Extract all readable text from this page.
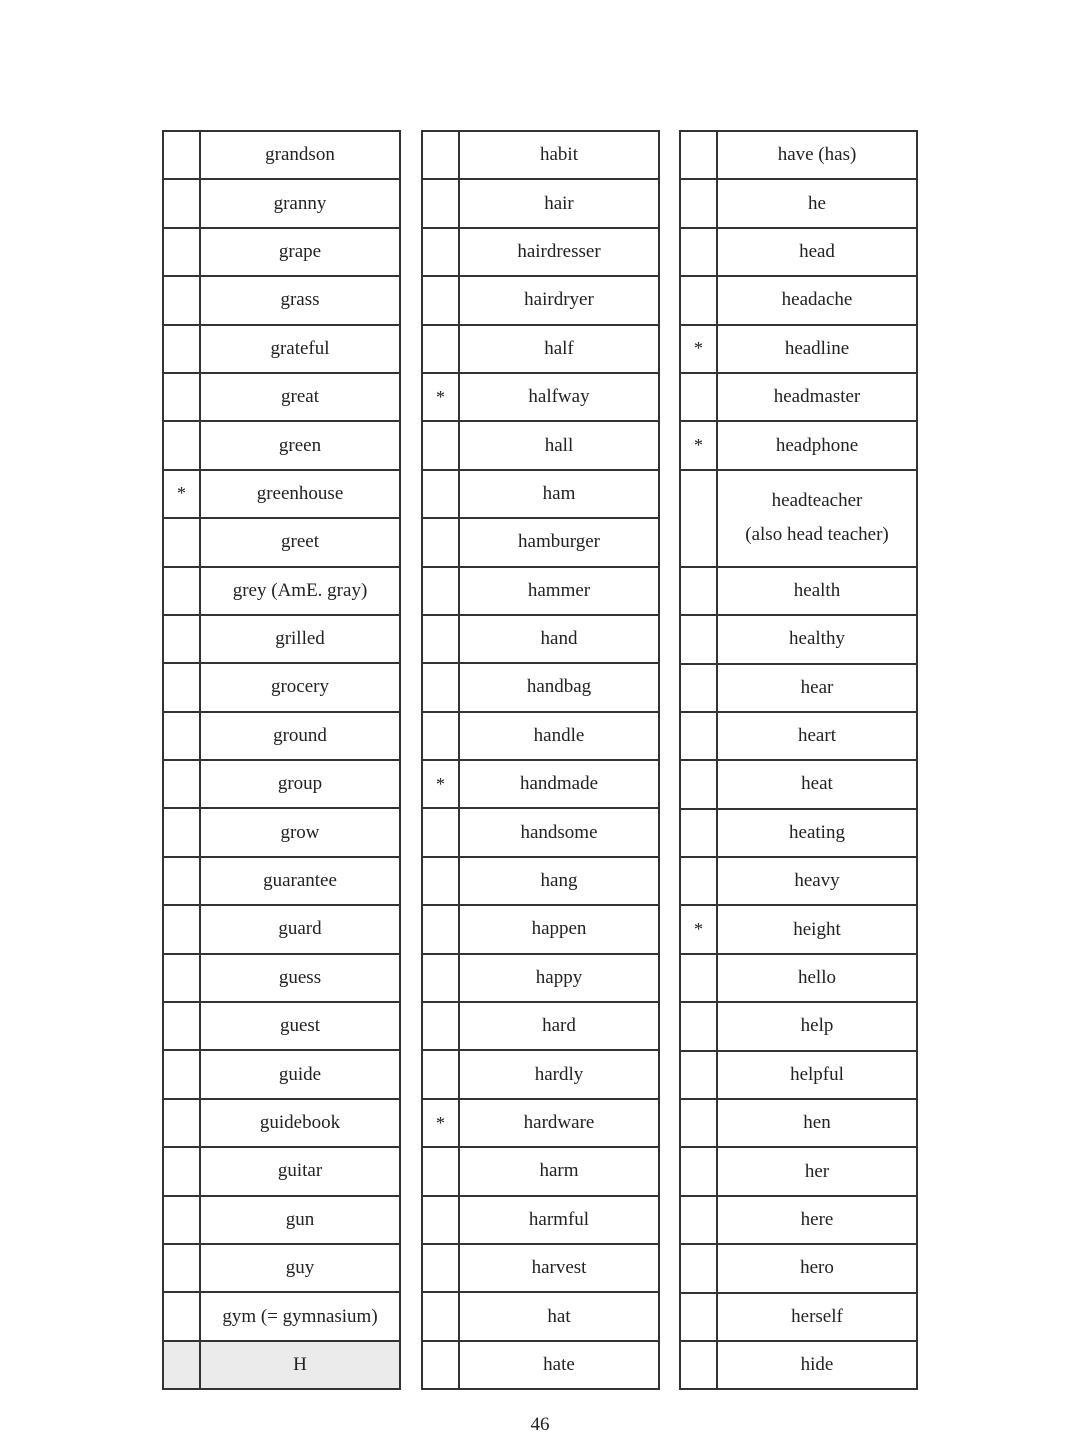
	grandson
	granny
	grape
	grass
	grateful
	great
	green
*	greenhouse
	greet
	grey (AmE. gray)
	grilled
	grocery
	ground
	group
	grow
	guarantee
	guard
	guess
	guest
	guide
	guidebook
	guitar
	gun
	guy
	gym (= gymnasium)
	H
	habit
	hair
	hairdresser
	hairdryer
	half
*	halfway
	hall
	ham
	hamburger
	hammer
	hand
	handbag
	handle
*	handmade
	handsome
	hang
	happen
	happy
	hard
	hardly
*	hardware
	harm
	harmful
	harvest
	hat
	hate
	have (has)
	he
	head
	headache
*	headline
	headmaster
*	headphone

	headteacher
(also head teacher)

	health
	healthy
	hear
	heart
	heat
	heating
	heavy
*	height
	hello
	help
	helpful
	hen
	her
	here
	hero
	herself
	hide
46
